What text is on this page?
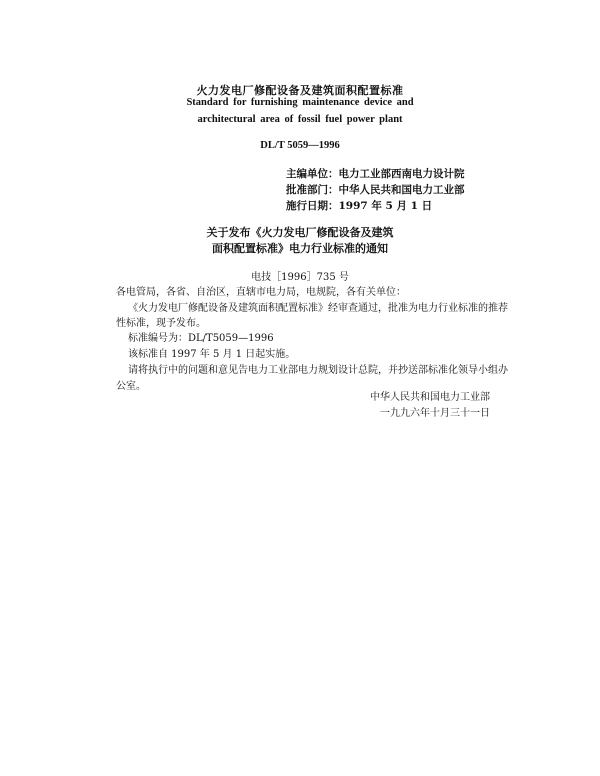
火力发电厂修配设备及建筑面积配置标准
Standard for furnishing maintenance device and
architectural area of fossil fuel power plant
DL/T 5059—1996
主编单位：电力工业部西南电力设计院
批准部门：中华人民共和国电力工业部
施行日期：1997 年 5 月 1 日
关于发布《火力发电厂修配设备及建筑
面积配置标准》电力行业标准的通知
电技［1996］735 号
各电管局，各省、自治区，直辖市电力局，电规院，各有关单位：
《火力发电厂修配设备及建筑面积配置标准》经审查通过，批准为电力行业标准的推荐
性标准，现予发布。
标准编号为：DL/T5059—1996
该标准自 1997 年 5 月 1 日起实施。
请将执行中的问题和意见告电力工业部电力规划设计总院，并抄送部标准化领导小组办
公室。
中华人民共和国电力工业部
一九九六年十月三十一日
